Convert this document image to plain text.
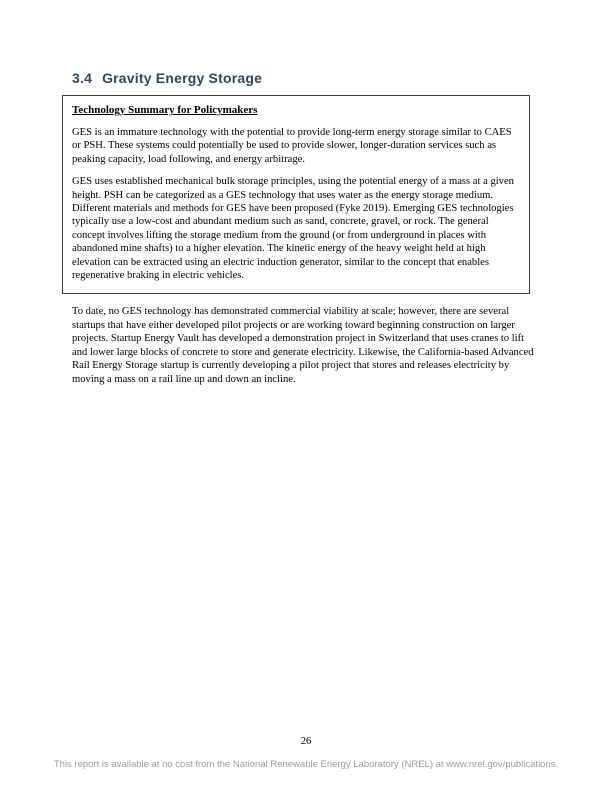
3.4 Gravity Energy Storage

Technology Summary for Policymakers

GES is an immature technology with the potential to provide long-term energy storage similar to CAES or PSH. These systems could potentially be used to provide slower, longer-duration services such as peaking capacity, load following, and energy arbitrage.

GES uses established mechanical bulk storage principles, using the potential energy of a mass at a given height. PSH can be categorized as a GES technology that uses water as the energy storage medium. Different materials and methods for GES have been proposed (Fyke 2019). Emerging GES technologies typically use a low-cost and abundant medium such as sand, concrete, gravel, or rock. The general concept involves lifting the storage medium from the ground (or from underground in places with abandoned mine shafts) to a higher elevation. The kinetic energy of the heavy weight held at high elevation can be extracted using an electric induction generator, similar to the concept that enables regenerative braking in electric vehicles.

To date, no GES technology has demonstrated commercial viability at scale; however, there are several startups that have either developed pilot projects or are working toward beginning construction on larger projects. Startup Energy Vault has developed a demonstration project in Switzerland that uses cranes to lift and lower large blocks of concrete to store and generate electricity. Likewise, the California-based Advanced Rail Energy Storage startup is currently developing a pilot project that stores and releases electricity by moving a mass on a rail line up and down an incline.

26
This report is available at no cost from the National Renewable Energy Laboratory (NREL) at www.nrel.gov/publications.
